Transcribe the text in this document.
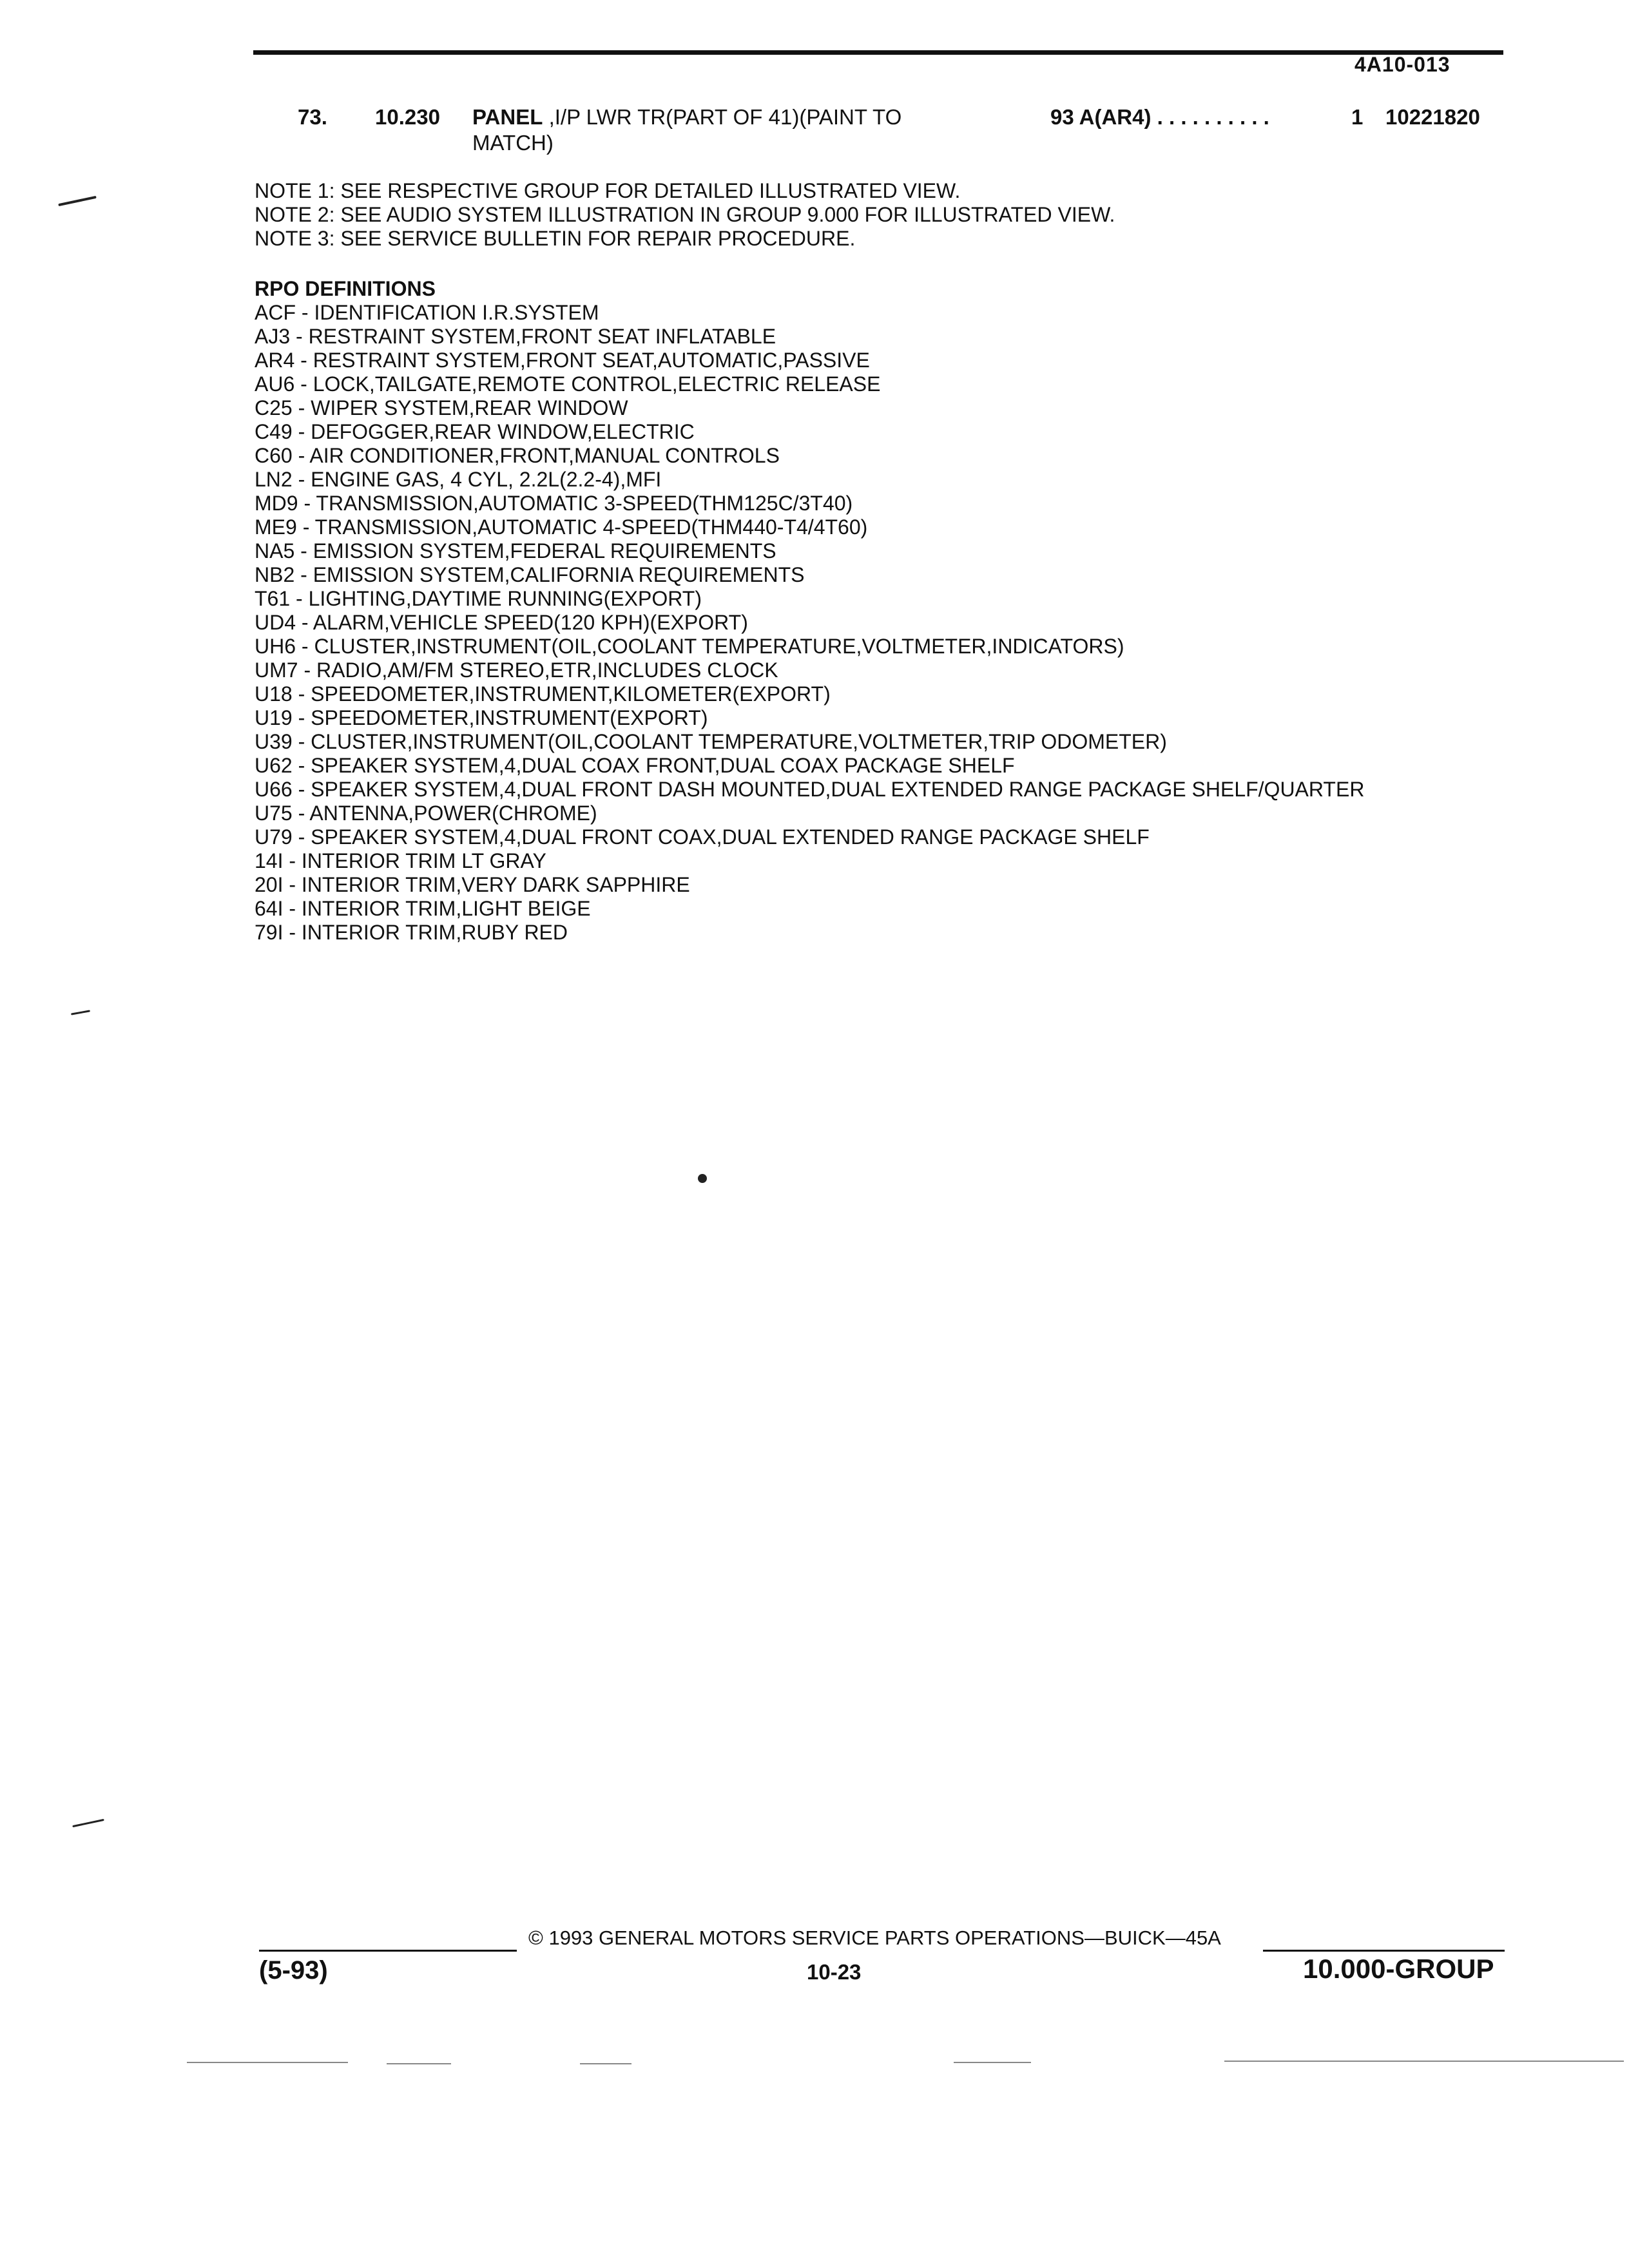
4A10-013
73. 10.230 PANEL ,I/P LWR TR(PART OF 41)(PAINT TO MATCH)
93 A(AR4) . . . . . . . . . .	1 10221820
NOTE 1: SEE RESPECTIVE GROUP FOR DETAILED ILLUSTRATED VIEW.
NOTE 2: SEE AUDIO SYSTEM ILLUSTRATION IN GROUP 9.000 FOR ILLUSTRATED VIEW.
NOTE 3: SEE SERVICE BULLETIN FOR REPAIR PROCEDURE.
RPO DEFINITIONS
ACF - IDENTIFICATION I.R.SYSTEM
AJ3 - RESTRAINT SYSTEM,FRONT SEAT INFLATABLE
AR4 - RESTRAINT SYSTEM,FRONT SEAT,AUTOMATIC,PASSIVE
AU6 - LOCK,TAILGATE,REMOTE CONTROL,ELECTRIC RELEASE
C25 - WIPER SYSTEM,REAR WINDOW
C49 - DEFOGGER,REAR WINDOW,ELECTRIC
C60 - AIR CONDITIONER,FRONT,MANUAL CONTROLS
LN2 - ENGINE GAS, 4 CYL, 2.2L(2.2-4),MFI
MD9 - TRANSMISSION,AUTOMATIC 3-SPEED(THM125C/3T40)
ME9 - TRANSMISSION,AUTOMATIC 4-SPEED(THM440-T4/4T60)
NA5 - EMISSION SYSTEM,FEDERAL REQUIREMENTS
NB2 - EMISSION SYSTEM,CALIFORNIA REQUIREMENTS
T61 - LIGHTING,DAYTIME RUNNING(EXPORT)
UD4 - ALARM,VEHICLE SPEED(120 KPH)(EXPORT)
UH6 - CLUSTER,INSTRUMENT(OIL,COOLANT TEMPERATURE,VOLTMETER,INDICATORS)
UM7 - RADIO,AM/FM STEREO,ETR,INCLUDES CLOCK
U18 - SPEEDOMETER,INSTRUMENT,KILOMETER(EXPORT)
U19 - SPEEDOMETER,INSTRUMENT(EXPORT)
U39 - CLUSTER,INSTRUMENT(OIL,COOLANT TEMPERATURE,VOLTMETER,TRIP ODOMETER)
U62 - SPEAKER SYSTEM,4,DUAL COAX FRONT,DUAL COAX PACKAGE SHELF
U66 - SPEAKER SYSTEM,4,DUAL FRONT DASH MOUNTED,DUAL EXTENDED RANGE PACKAGE SHELF/QUARTER
U75 - ANTENNA,POWER(CHROME)
U79 - SPEAKER SYSTEM,4,DUAL FRONT COAX,DUAL EXTENDED RANGE PACKAGE SHELF
14I - INTERIOR TRIM LT GRAY
20I - INTERIOR TRIM,VERY DARK SAPPHIRE
64I - INTERIOR TRIM,LIGHT BEIGE
79I - INTERIOR TRIM,RUBY RED
© 1993 GENERAL MOTORS SERVICE PARTS OPERATIONS—BUICK—45A
(5-93)	10-23	10.000-GROUP
